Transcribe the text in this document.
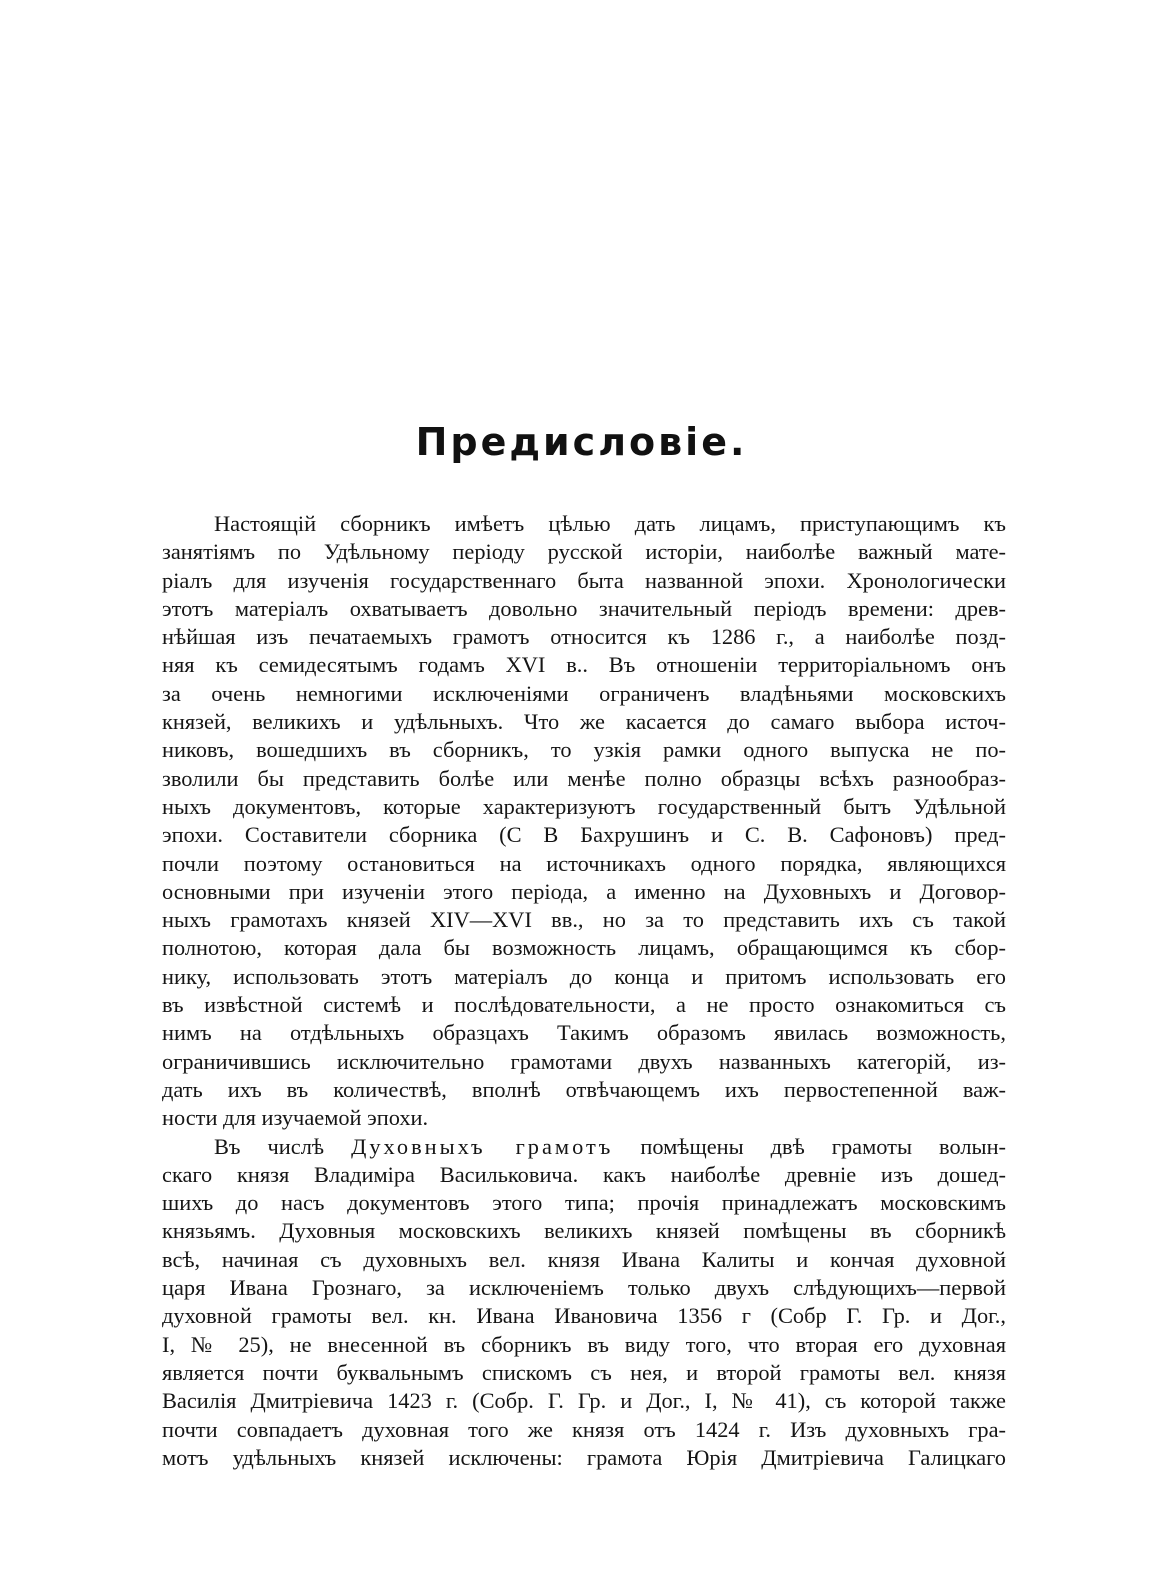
Предисловіе.
Настоящій сборникъ имѣетъ цѣлью дать лицамъ, приступающимъ къ
занятіямъ по Удѣльному періоду русской исторіи, наиболѣе важный мате-
ріалъ для изученія государственнаго быта названной эпохи. Хронологически
этотъ матеріалъ охватываетъ довольно значительный періодъ времени: древ-
нѣйшая изъ печатаемыхъ грамотъ относится къ 1286 г., а наиболѣе позд-
няя къ семидесятымъ годамъ XVI в.. Въ отношеніи территоріальномъ онъ
за очень немногими исключеніями ограниченъ владѣньями московскихъ
князей, великихъ и удѣльныхъ. Что же касается до самаго выбора источ-
никовъ, вошедшихъ въ сборникъ, то узкія рамки одного выпуска не по-
зволили бы представить болѣе или менѣе полно образцы всѣхъ разнообраз-
ныхъ документовъ, которые характеризуютъ государственный бытъ Удѣльной
эпохи. Составители сборника (С В Бахрушинъ и С. В. Сафоновъ) пред-
почли поэтому остановиться на источникахъ одного порядка, являющихся
основными при изученіи этого періода, а именно на Духовныхъ и Договор-
ныхъ грамотахъ князей XIV—XVI вв., но за то представить ихъ съ такой
полнотою, которая дала бы возможность лицамъ, обращающимся къ сбор-
нику, использовать этотъ матеріалъ до конца и притомъ использовать его
въ извѣстной системѣ и послѣдовательности, а не просто ознакомиться съ
нимъ на отдѣльныхъ образцахъ Такимъ образомъ явилась возможность,
ограничившись исключительно грамотами двухъ названныхъ категорій, из-
дать ихъ въ количествѣ, вполнѣ отвѣчающемъ ихъ первостепенной важ-
ности для изучаемой эпохи.
Въ числѣ Духовныхъ грамотъ помѣщены двѣ грамоты волын-
скаго князя Владиміра Васильковича. какъ наиболѣе древніе изъ дошед-
шихъ до насъ документовъ этого типа; прочія принадлежатъ московскимъ
князьямъ. Духовныя московскихъ великихъ князей помѣщены въ сборникѣ
всѣ, начиная съ духовныхъ вел. князя Ивана Калиты и кончая духовной
царя Ивана Грознаго, за исключеніемъ только двухъ слѣдующихъ—первой
духовной грамоты вел. кн. Ивана Ивановича 1356 г (Собр Г. Гр. и Дог.,
I, № 25), не внесенной въ сборникъ въ виду того, что вторая его духовная
является почти буквальнымъ спискомъ съ нея, и второй грамоты вел. князя
Василія Дмитріевича 1423 г. (Собр. Г. Гр. и Дог., I, № 41), съ которой также
почти совпадаетъ духовная того же князя отъ 1424 г. Изъ духовныхъ гра-
мотъ удѣльныхъ князей исключены: грамота Юрія Дмитріевича Галицкаго
